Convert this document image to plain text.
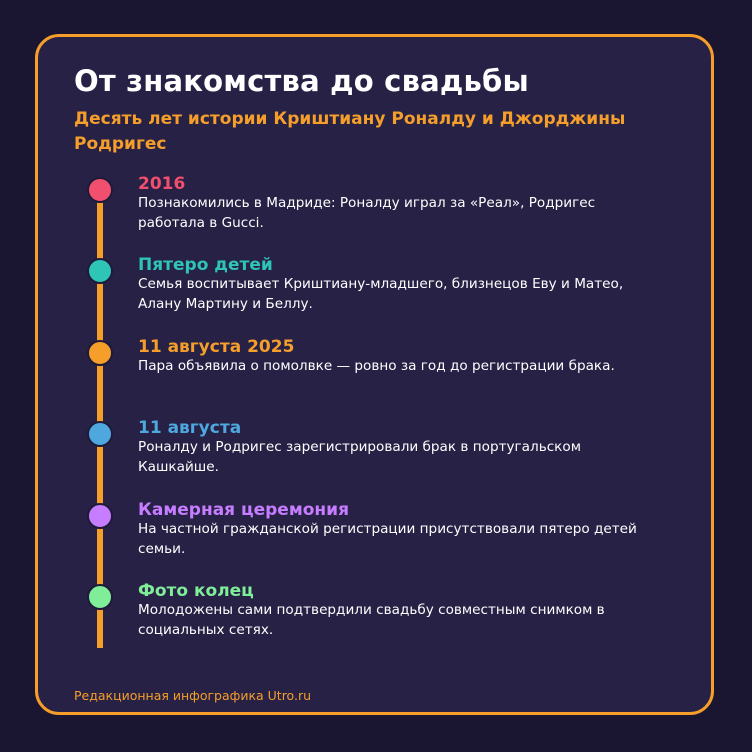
От знакомства до свадьбы

Десять лет истории Криштиану Роналду и Джорджины Родригес

2016

Познакомились в Мадриде: Роналду играл за «Реал», Родригес работала в Gucci.

Пятеро детей

Семья воспитывает Криштиану-младшего, близнецов Еву и Матео, Алану Мартину и Беллу.

11 августа 2025

Пара объявила о помолвке — ровно за год до регистрации брака.

11 августа

Роналду и Родригес зарегистрировали брак в португальском Кашкайше.

Камерная церемония

На частной гражданской регистрации присутствовали пятеро детей семьи.

Фото колец

Молодожены сами подтвердили свадьбу совместным снимком в социальных сетях.

Редакционная инфографика Utro.ru
